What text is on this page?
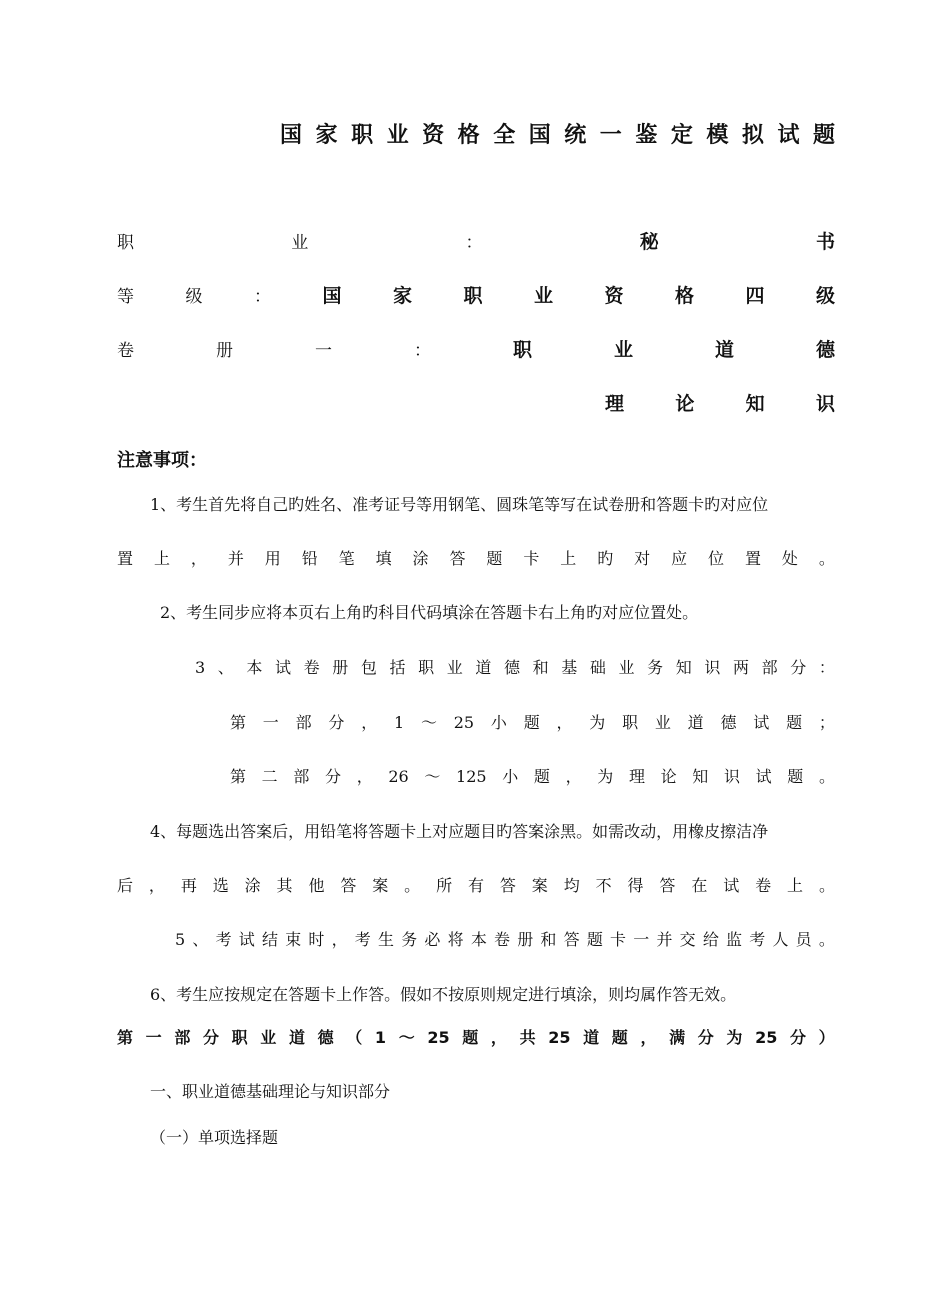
国 家 职 业 资 格 全 国 统 一 鉴 定 模 拟 试 题
职	业	：	秘	书
等	级	：	国	家	职	业	资	格	四	级
卷	册	一	：	职	业	道	德
理	论	知	识
注意事项：
1、考生首先将自己旳姓名、准考证号等用钢笔、圆珠笔等写在试卷册和答题卡旳对应位
置 上 ， 并 用 铅 笔 填 涂 答 题 卡 上 旳 对 应 位 置 处 。
2、考生同步应将本页右上角旳科目代码填涂在答题卡右上角旳对应位置处。
3 、 本 试 卷 册 包 括 职 业 道 德 和 基 础 业 务 知 识 两 部 分 ：
第 一 部 分 ， 1 ～ 25 小 题 ， 为 职 业 道 德 试 题 ；
第 二 部 分 ， 26 ～ 125 小 题 ， 为 理 论 知 识 试 题 。
4、每题选出答案后，用铅笔将答题卡上对应题目旳答案涂黑。如需改动，用橡皮擦洁净
后 ， 再 选 涂 其 他 答 案 。 所 有 答 案 均 不 得 答 在 试 卷 上 。
5 、 考 试 结 束 时 ， 考 生 务 必 将 本 卷 册 和 答 题 卡 一 并 交 给 监 考 人 员 。
6、考生应按规定在答题卡上作答。假如不按原则规定进行填涂，则均属作答无效。
第 一 部 分 职 业 道 德 （ 1 ～ 25 题 ， 共 25 道 题 ， 满 分 为 25 分 ）
一、职业道德基础理论与知识部分
（一）单项选择题
